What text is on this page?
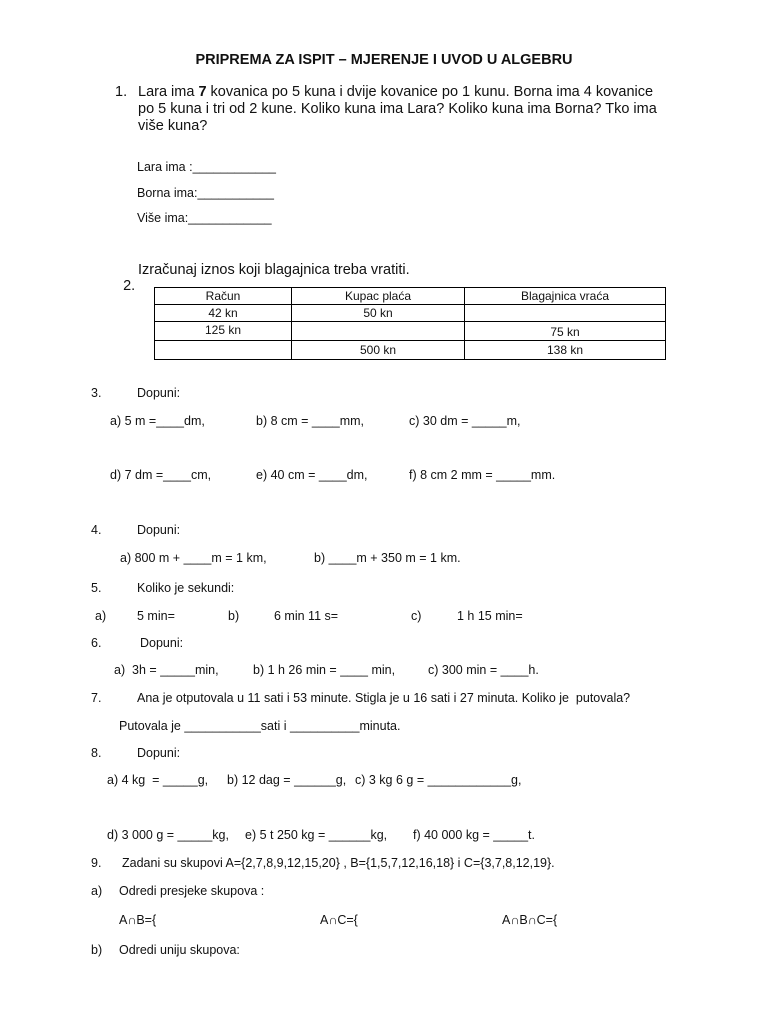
PRIPREMA ZA ISPIT – MJERENJE I UVOD U ALGEBRU
1. Lara ima 7 kovanica po 5 kuna i dvije kovanice po 1 kunu. Borna ima 4 kovanice po 5 kuna i tri od 2 kune. Koliko kuna ima Lara? Koliko kuna ima Borna? Tko ima više kuna?
Lara ima :____________
Borna ima:___________
Više ima:____________

2.

Izračunaj iznos koji blagajnica treba vratiti.

Račun	Kupac plaća	Blagajnica vraća
42 kn	50 kn	
125 kn		75 kn
	500 kn	138 kn
3.	Dopuni:
a) 5 m =____dm,	b) 8 cm = ____mm,	c) 30 dm = _____m,
d) 7 dm =____cm,	e) 40 cm = ____dm,	f) 8 cm 2 mm = _____mm.
4.	Dopuni:
a) 800 m + ____m = 1 km,	b) ____m + 350 m = 1 km.
5.	Koliko je sekundi:
a) 5 min=	b)	6 min 11 s=	c)	1 h 15 min=
6.	Dopuni:
a)  3h = _____min,	b) 1 h 26 min = ____ min,	c) 300 min = ____h.
7.	Ana je otputovala u 11 sati i 53 minute. Stigla je u 16 sati i 27 minuta. Koliko je  putovala?
Putovala je ___________sati i __________minuta.
8.	Dopuni:
a) 4 kg  = _____g, b) 12 dag = ______g, c) 3 kg 6 g = ____________g,
d) 3 000 g = _____kg, e) 5 t 250 kg = ______kg, f) 40 000 kg = _____t.
9. Zadani su skupovi A={2,7,8,9,12,15,20} , B={1,5,7,12,16,18} i C={3,7,8,12,19}.
a) Odredi presjeke skupova :
A∩B={	A∩C={	A∩B∩C={
b) Odredi uniju skupova:
